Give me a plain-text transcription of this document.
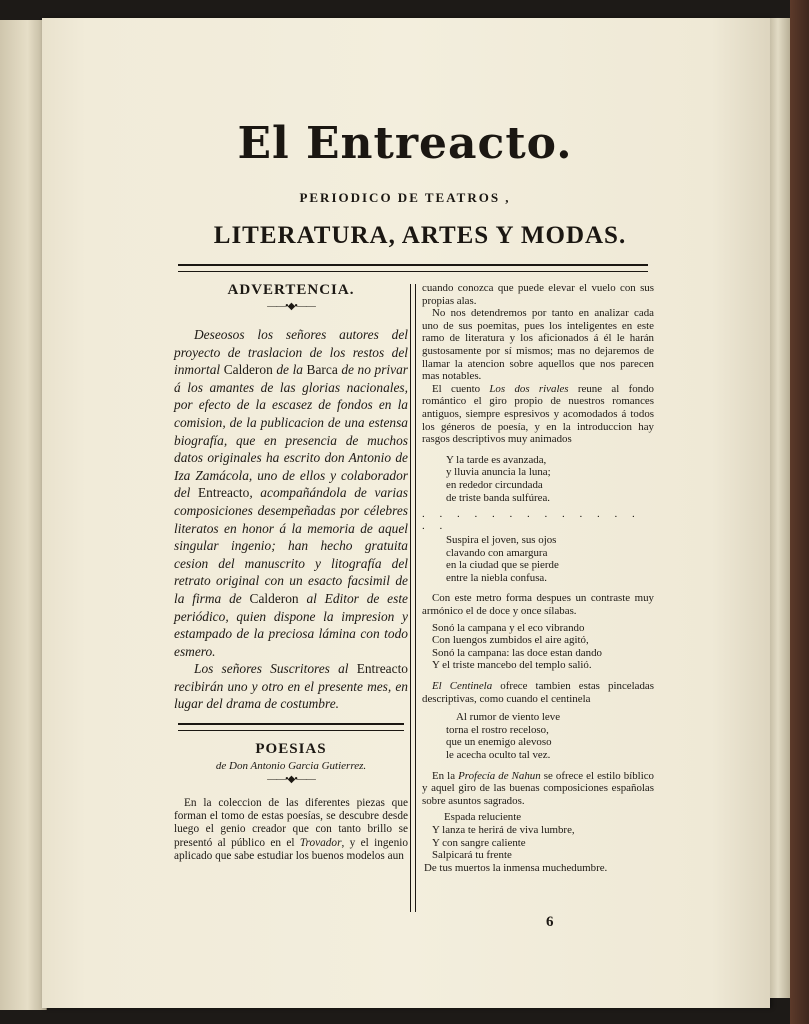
El Entreacto.
PERIODICO DE TEATROS ,
LITERATURA, ARTES Y MODAS.
ADVERTENCIA.
——•◆•——

Deseosos los señores autores del proyecto de traslacion de los restos del inmortal Calderon de la Barca de no privar á los amantes de las glorias nacionales, por efecto de la escasez de fondos en la comision, de la publicacion de una estensa biografía, que en presencia de muchos datos originales ha escrito don Antonio de Iza Zamácola, uno de ellos y colaborador del Entreacto, acompañándola de varias composiciones desempeñadas por célebres literatos en honor á la memoria de aquel singular ingenio; han hecho gratuita cesion del manuscrito y litografía del retrato original con un esacto facsimil de la firma de Calderon al Editor de este periódico, quien dispone la impresion y estampado de la preciosa lámina con todo esmero.

Los señores Suscritores al Entreacto recibirán uno y otro en el presente mes, en lugar del drama de costumbre.

POESIAS
de Don Antonio Garcia Gutierrez.
——•◆•——

En la coleccion de las diferentes piezas que forman el tomo de estas poesías, se descubre desde luego el genio creador que con tanto brillo se presentó al público en el Trovador, y el ingenio aplicado que sabe estudiar los buenos modelos aun

cuando conozca que puede elevar el vuelo con sus propias alas.

No nos detendremos por tanto en analizar cada uno de sus poemitas, pues los inteligentes en este ramo de literatura y los aficionados á él le harán gustosamente por sí mismos; mas no dejaremos de llamar la atencion sobre aquellos que nos parecen mas notables.

El cuento Los dos rivales reune al fondo romántico el giro propio de nuestros romances antiguos, siempre espresivos y acomodados á todos los géneros de poesía, y en la introduccion hay rasgos descriptivos muy animados

Y la tarde es avanzada,
y lluvia anuncia la luna;
en rededor circundada
de triste banda sulfúrea.
. . . . . . . . . . . . . . .
Suspira el joven, sus ojos
clavando con amargura
en la ciudad que se pierde
entre la niebla confusa.

Con este metro forma despues un contraste muy armónico el de doce y once sílabas.

Sonó la campana y el eco vibrando
Con luengos zumbidos el aire agitó,
Sonó la campana: las doce estan dando
Y el triste mancebo del templo salió.

El Centinela ofrece tambien estas pinceladas descriptivas, como cuando el centinela

Al rumor de viento leve
torna el rostro receloso,
que un enemigo alevoso
le acecha oculto tal vez.

En la Profecía de Nahun se ofrece el estilo bíblico y aquel giro de las buenas composiciones españolas sobre asuntos sagrados.

Espada reluciente
Y lanza te herirá de viva lumbre,
Y con sangre caliente
Salpicará tu frente
De tus muertos la inmensa muchedumbre.
6
